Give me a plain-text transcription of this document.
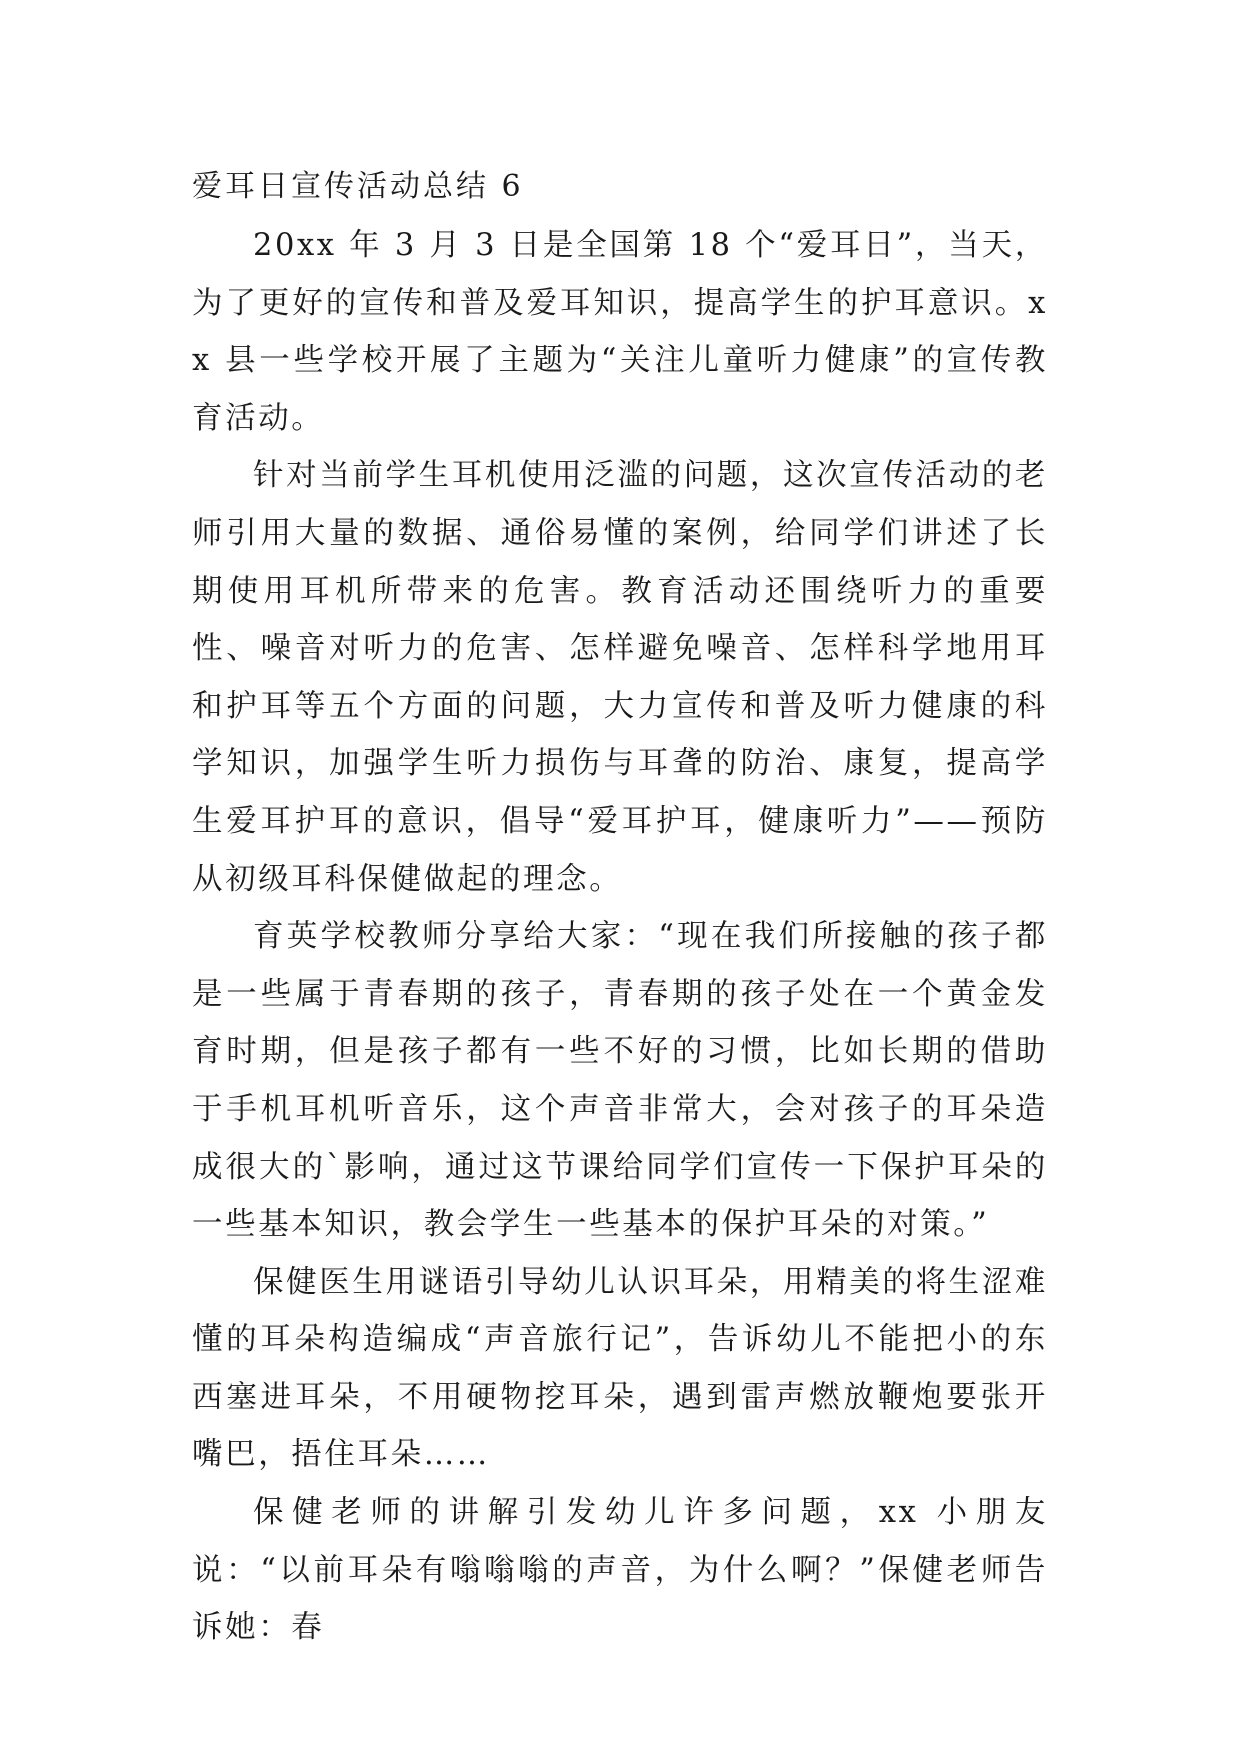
爱耳日宣传活动总结 6

20xx 年 3 月 3 日是全国第 18 个“爱耳日”，当天，为了更好的宣传和普及爱耳知识，提高学生的护耳意识。xx 县一些学校开展了主题为“关注儿童听力健康”的宣传教育活动。

针对当前学生耳机使用泛滥的问题，这次宣传活动的老师引用大量的数据、通俗易懂的案例，给同学们讲述了长期使用耳机所带来的危害。教育活动还围绕听力的重要性、噪音对听力的危害、怎样避免噪音、怎样科学地用耳和护耳等五个方面的问题，大力宣传和普及听力健康的科学知识，加强学生听力损伤与耳聋的防治、康复，提高学生爱耳护耳的意识，倡导“爱耳护耳，健康听力”——预防从初级耳科保健做起的理念。

育英学校教师分享给大家：“现在我们所接触的孩子都是一些属于青春期的孩子，青春期的孩子处在一个黄金发育时期，但是孩子都有一些不好的习惯，比如长期的借助于手机耳机听音乐，这个声音非常大，会对孩子的耳朵造成很大的`影响，通过这节课给同学们宣传一下保护耳朵的一些基本知识，教会学生一些基本的保护耳朵的对策。”

保健医生用谜语引导幼儿认识耳朵，用精美的将生涩难懂的耳朵构造编成“声音旅行记”，告诉幼儿不能把小的东西塞进耳朵，不用硬物挖耳朵，遇到雷声燃放鞭炮要张开嘴巴，捂住耳朵……

保健老师的讲解引发幼儿许多问题，xx 小朋友说：“以前耳朵有嗡嗡嗡的声音，为什么啊？”保健老师告诉她：春
